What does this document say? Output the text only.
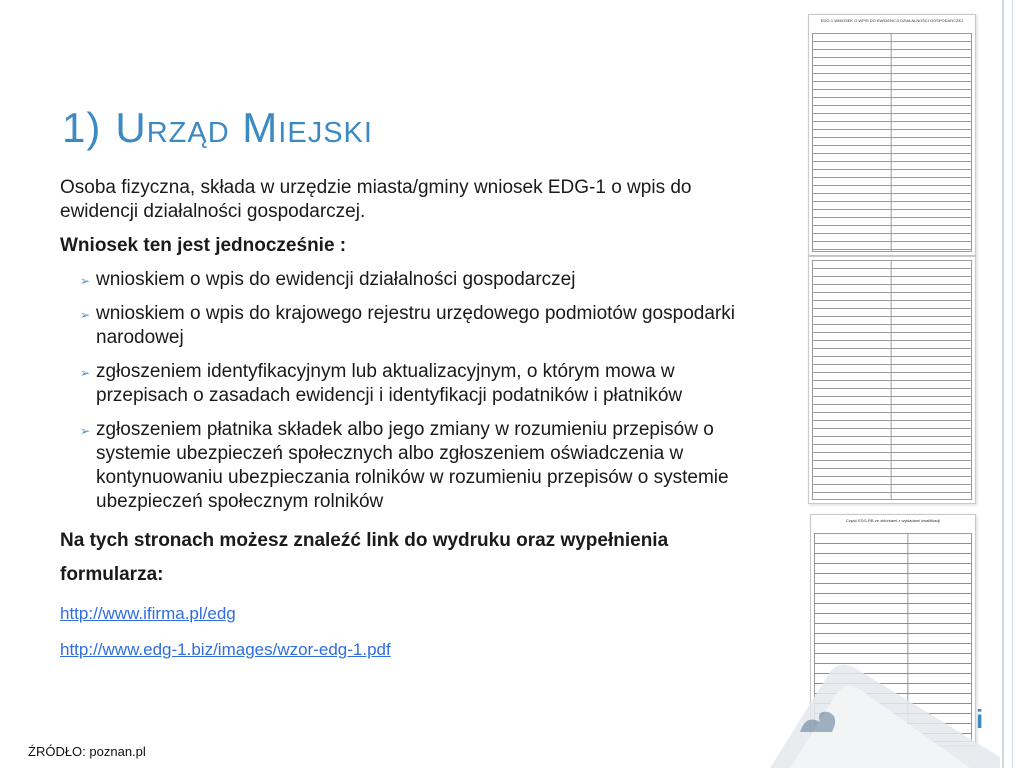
1) Urząd Miejski

Osoba fizyczna, składa w urzędzie miasta/gminy wniosek EDG-1 o wpis do ewidencji działalności gospodarczej.

Wniosek ten jest jednocześnie :

➢ wnioskiem o wpis do ewidencji działalności gospodarczej
➢ wnioskiem o wpis do krajowego rejestru urzędowego podmiotów gospodarki narodowej
➢ zgłoszeniem identyfikacyjnym lub aktualizacyjnym, o którym mowa w przepisach o zasadach ewidencji i identyfikacji podatników i płatników
➢ zgłoszeniem płatnika składek albo jego zmiany w rozumieniu przepisów o systemie ubezpieczeń społecznych albo zgłoszeniem oświadczenia w kontynuowaniu ubezpieczania rolników w rozumieniu przepisów o systemie ubezpieczeń społecznym rolników

Na tych stronach możesz znaleźć link do wydruku oraz wypełnienia formularza:

http://www.ifirma.pl/edg
http://www.edg-1.biz/images/wzor-edg-1.pdf
ŹRÓDŁO: poznan.pl
EDG-1 WNIOSEK O WPIS DO EWIDENCJI DZIAŁALNOŚCI GOSPODARCZEJ
Część EDG-RB ze zbiórkami z wykładami kwalifikacji
i
